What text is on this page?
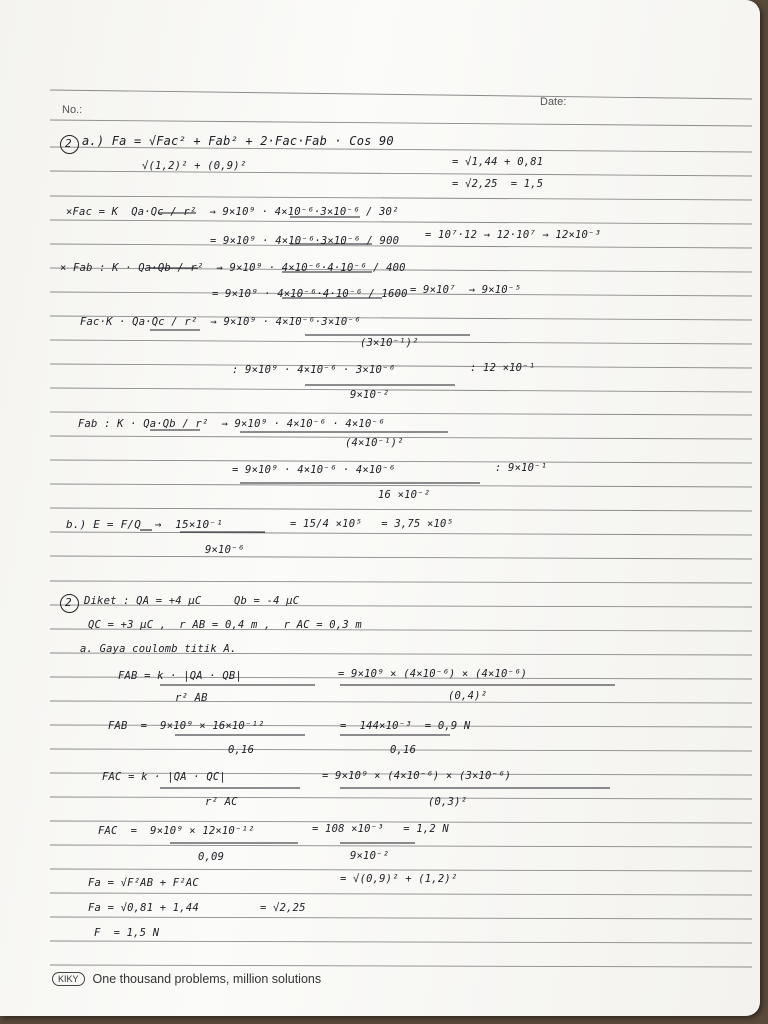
No.:
Date:
2 a.) Fa = √Fac² + Fab² + 2·Fac·Fab · Cos 90
√(1,2)² + (0,9)²	= √1,44 + 0,81
= √2,25  = 1,5
×Fac = K  Qa·Qc / r²  → 9×10⁹ · 4×10⁻⁶·3×10⁻⁶ / 30²
= 9×10⁹ · 4×10⁻⁶·3×10⁻⁶ / 900 = 10⁷·12 → 12·10⁷ → 12×10⁻³
× Fab : K · Qa·Qb / r²  → 9×10⁹ · 4×10⁻⁶·4·10⁻⁶ / 400
= 9×10⁹ · 4×10⁻⁶·4·10⁻⁶ / 1600 = 9×10⁷  → 9×10⁻⁵
Fac·K · Qa·Qc / r²  → 9×10⁹ · 4×10⁻⁶·3×10⁻⁶
(3×10⁻¹)²
: 9×10⁹ · 4×10⁻⁶ · 3×10⁻⁶	: 12 ×10⁻¹
9×10⁻²
Fab : K · Qa·Qb / r²  → 9×10⁹ · 4×10⁻⁶ · 4×10⁻⁶
(4×10⁻¹)²
= 9×10⁹ · 4×10⁻⁶ · 4×10⁻⁶	: 9×10⁻¹
16 ×10⁻²
b.) E = F/Q  →  15×10⁻¹	= 15/4 ×10⁵   = 3,75 ×10⁵
9×10⁻⁶
2 Diket : QA = +4 μC     Qb = -4 μC
QC = +3 μC ,  r AB = 0,4 m ,  r AC = 0,3 m
a. Gaya coulomb titik A.
FAB = k · |QA · QB|	= 9×10⁹ × (4×10⁻⁶) × (4×10⁻⁶)
r² AB	(0,4)²
FAB  =  9×10⁹ × 16×10⁻¹²	=  144×10⁻³  = 0,9 N
0,16	0,16
FAC = k · |QA · QC|	= 9×10⁹ × (4×10⁻⁶) × (3×10⁻⁶)
r² AC	(0,3)²
FAC  =  9×10⁹ × 12×10⁻¹²	= 108 ×10⁻³   = 1,2 N
0,09	9×10⁻²
Fa = √F²AB + F²AC	= √(0,9)² + (1,2)²
Fa = √0,81 + 1,44	= √2,25
F  = 1,5 N
KIKY One thousand problems, million solutions
